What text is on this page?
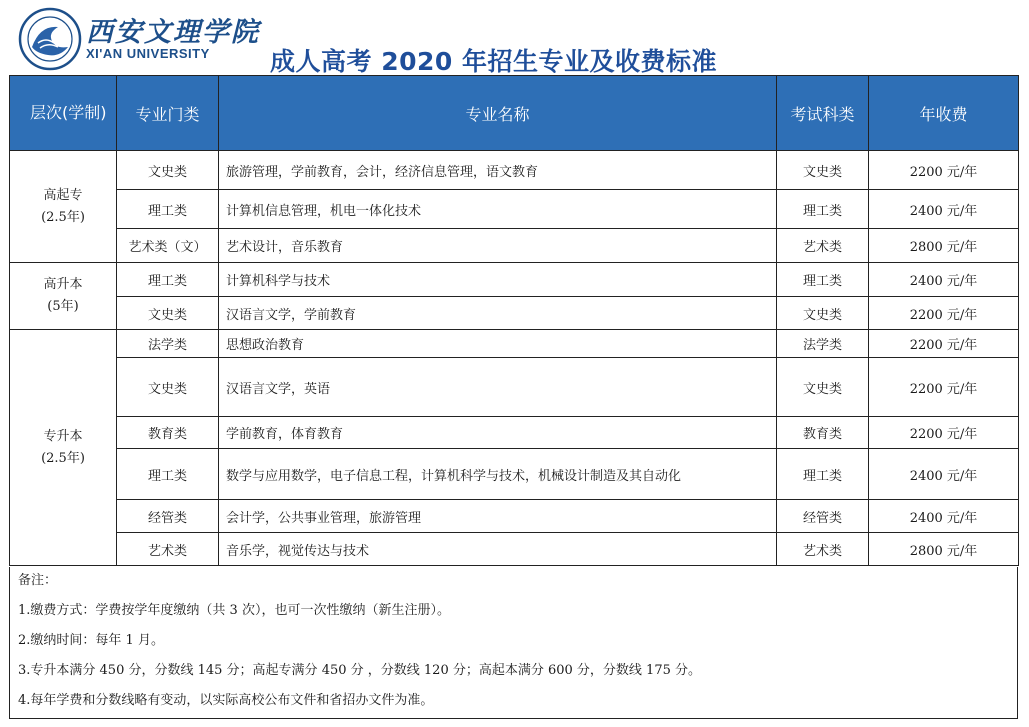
西安文理学院
XI'AN UNIVERSITY 成人高考 2020 年招生专业及收费标准
层次(学制)	专业门类	专业名称	考试科类	年收费

高起专
(2.5年)	文史类	旅游管理，学前教育，会计，经济信息管理，语文教育	文史类	2200 元/年
	理工类	计算机信息管理，机电一体化技术	理工类	2400 元/年
	艺术类（文）	艺术设计，音乐教育	艺术类	2800 元/年

高升本
(5年)	理工类	计算机科学与技术	理工类	2400 元/年
	文史类	汉语言文学，学前教育	文史类	2200 元/年

专升本
(2.5年)	法学类	思想政治教育	法学类	2200 元/年
	文史类	汉语言文学，英语	文史类	2200 元/年
	教育类	学前教育，体育教育	教育类	2200 元/年
	理工类	数学与应用数学，电子信息工程，计算机科学与技术，机械设计制造及其自动化	理工类	2400 元/年
	经管类	会计学，公共事业管理，旅游管理	经管类	2400 元/年
	艺术类	音乐学，视觉传达与技术	艺术类	2800 元/年
备注：
1.缴费方式：学费按学年度缴纳（共 3 次），也可一次性缴纳（新生注册）。
2.缴纳时间：每年 1 月。
3.专升本满分 450 分，分数线 145 分；高起专满分 450 分 ，分数线 120 分；高起本满分 600 分，分数线 175 分。
4.每年学费和分数线略有变动，以实际高校公布文件和省招办文件为准。
